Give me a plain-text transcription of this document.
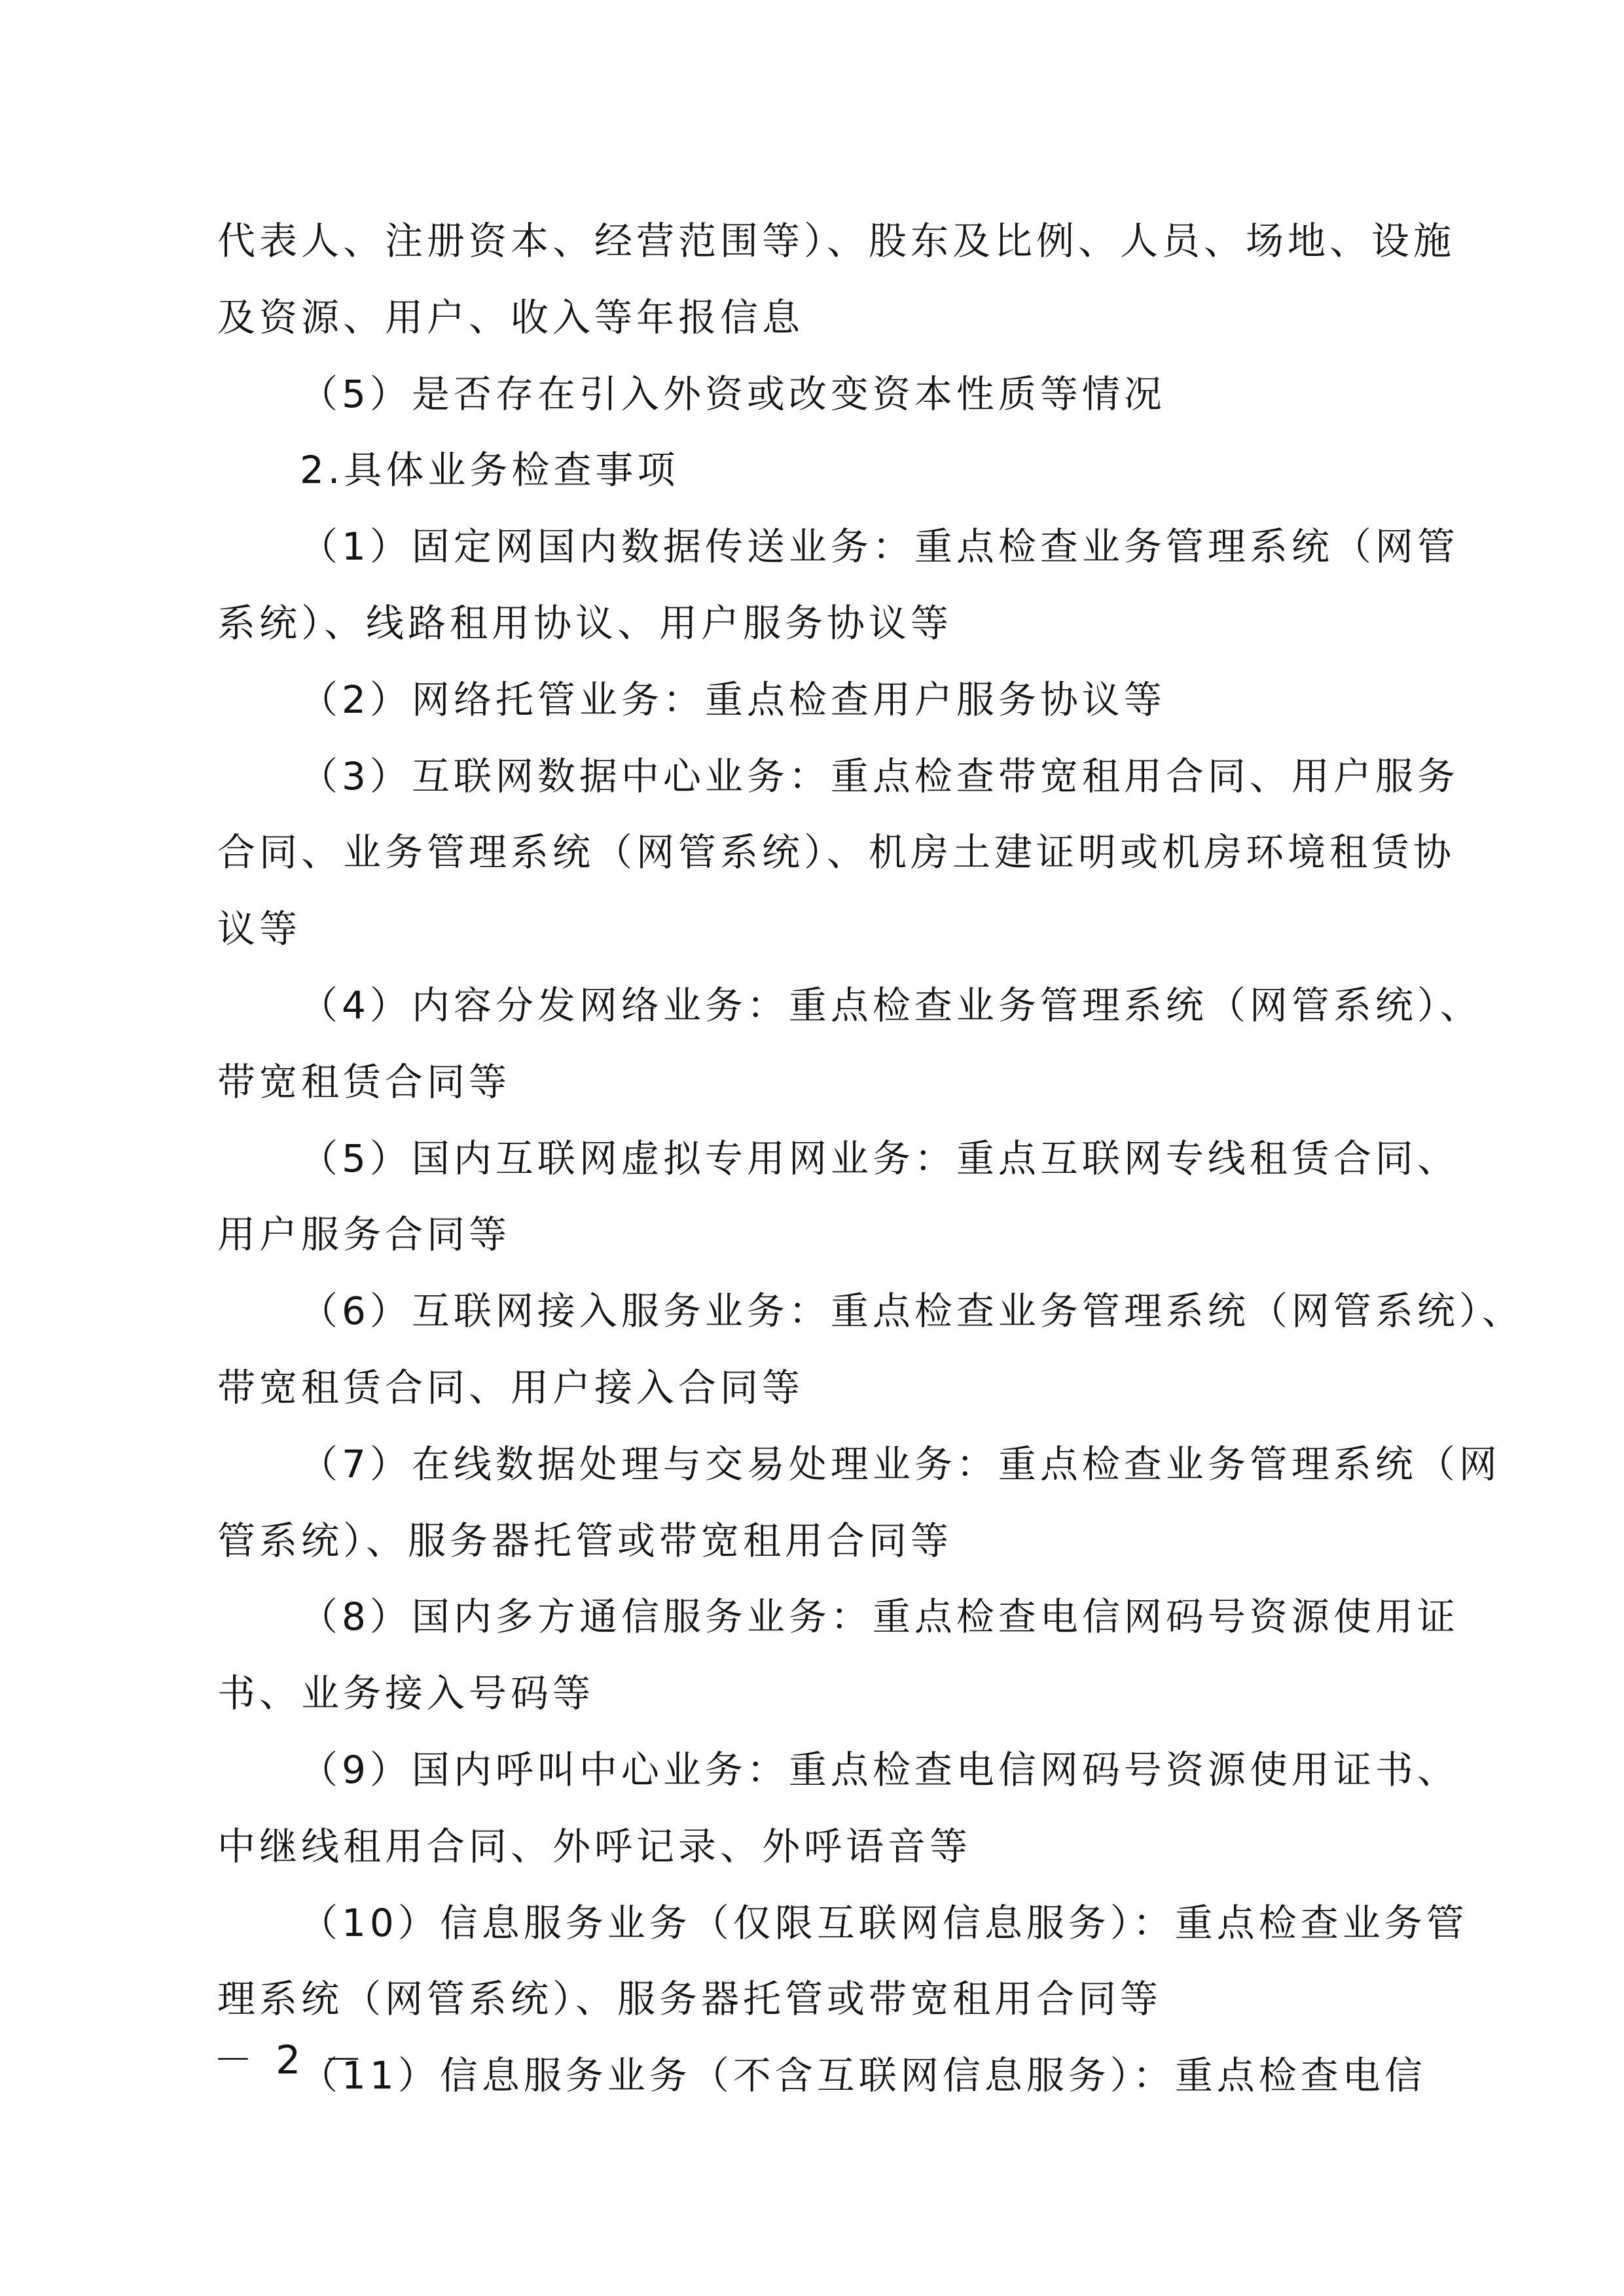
代表人、注册资本、经营范围等）、股东及比例、人员、场地、设施
及资源、用户、收入等年报信息
（5）是否存在引入外资或改变资本性质等情况
2.具体业务检查事项
（1）固定网国内数据传送业务：重点检查业务管理系统（网管
系统）、线路租用协议、用户服务协议等
（2）网络托管业务：重点检查用户服务协议等
（3）互联网数据中心业务：重点检查带宽租用合同、用户服务
合同、业务管理系统（网管系统）、机房土建证明或机房环境租赁协
议等
（4）内容分发网络业务：重点检查业务管理系统（网管系统）、
带宽租赁合同等
（5）国内互联网虚拟专用网业务：重点互联网专线租赁合同、
用户服务合同等
（6）互联网接入服务业务：重点检查业务管理系统（网管系统）、
带宽租赁合同、用户接入合同等
（7）在线数据处理与交易处理业务：重点检查业务管理系统（网
管系统）、服务器托管或带宽租用合同等
（8）国内多方通信服务业务：重点检查电信网码号资源使用证
书、业务接入号码等
（9）国内呼叫中心业务：重点检查电信网码号资源使用证书、
中继线租用合同、外呼记录、外呼语音等
（10）信息服务业务（仅限互联网信息服务）：重点检查业务管
理系统（网管系统）、服务器托管或带宽租用合同等
（11）信息服务业务（不含互联网信息服务）：重点检查电信
－ 2 －
